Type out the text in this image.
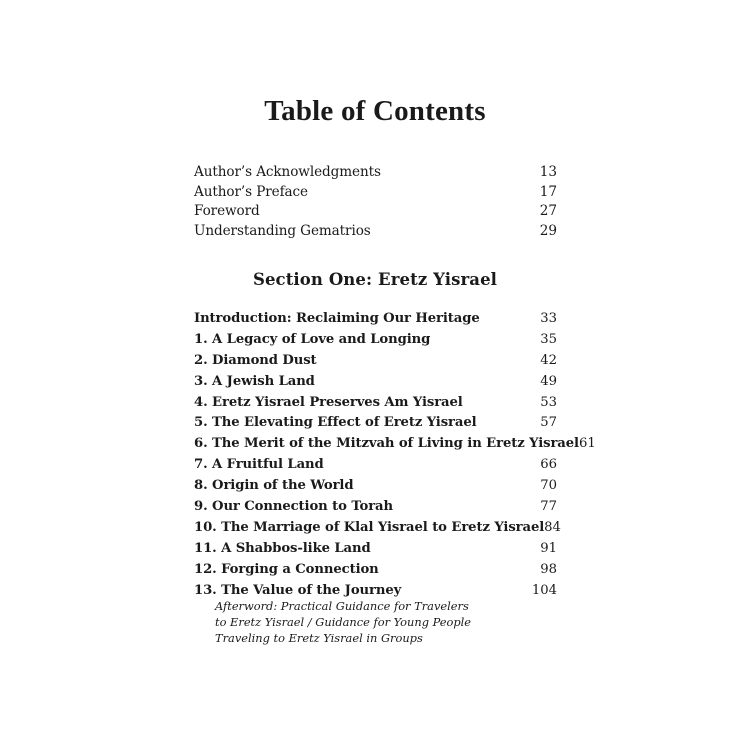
Table of Contents
Author’s Acknowledgments	13
Author’s Preface	17
Foreword	27
Understanding Gematrios	29
Section One: Eretz Yisrael
Introduction: Reclaiming Our Heritage	33
1. A Legacy of Love and Longing	35
2. Diamond Dust	42
3. A Jewish Land	49
4. Eretz Yisrael Preserves Am Yisrael	53
5. The Elevating Effect of Eretz Yisrael	57
6. The Merit of the Mitzvah of Living in Eretz Yisrael 61
7. A Fruitful Land	66
8. Origin of the World	70
9. Our Connection to Torah	77
10. The Marriage of Klal Yisrael to Eretz Yisrael 84
11. A Shabbos-like Land	91
12. Forging a Connection	98
13. The Value of the Journey	104
Afterword: Practical Guidance for Travelers
to Eretz Yisrael / Guidance for Young People
Traveling to Eretz Yisrael in Groups
